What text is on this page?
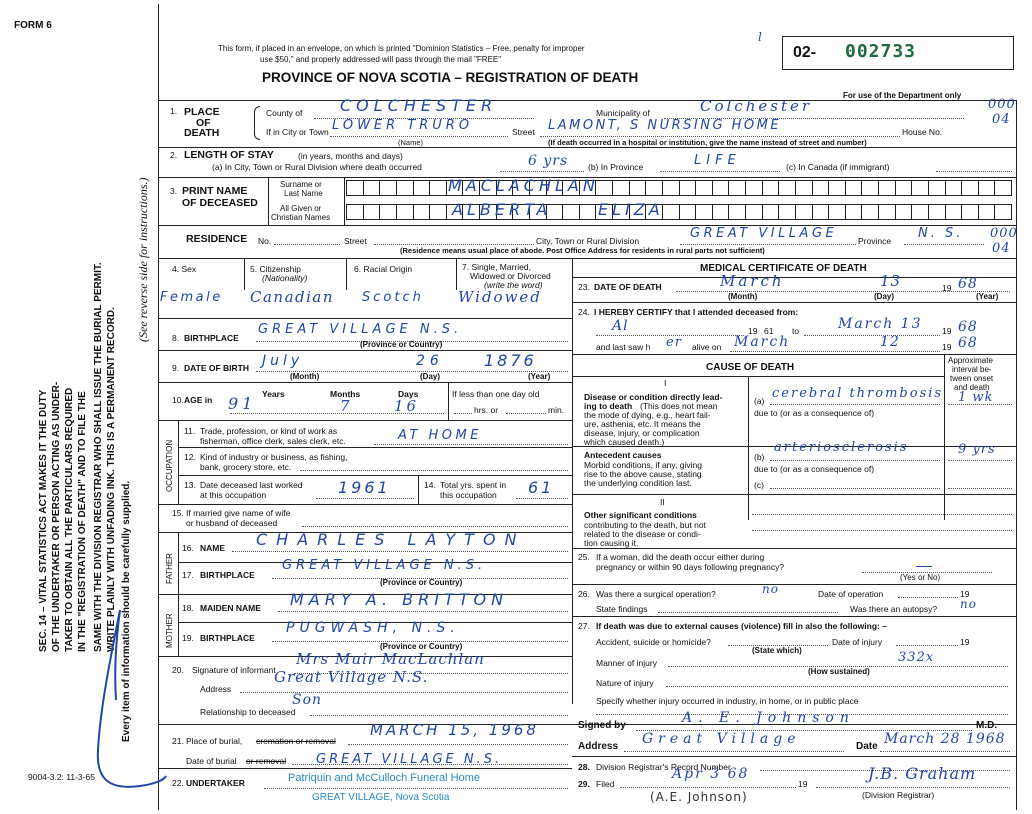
FORM 6
This form, if placed in an envelope, on which is printed "Dominion Statistics – Free, penalty for improper
use $50," and properly addressed will pass through the mail "FREE"
PROVINCE OF NOVA SCOTIA – REGISTRATION OF DEATH
l
02- 002733
For use of the Department only
1. PLACE
OF
DEATH
County of COLCHESTER	Municipality of	Colchester	000
04
If in City or Town LOWER TRURO
(Name)
Street LAMONT, S NURSING HOME	House No.
(If death occurred in a hospital or institution, give the name instead of street and number)
2. LENGTH OF STAY	(in years, months and days)
(a) In City, Town or Rural Division where death occurred	6 yrs (b) In Province	LIFE	(c) In Canada (if immigrant)
3. PRINT NAME
OF DECEASED
Surname or
Last Name
All Given or
Christian Names
MACLACHLAN
ALBERTA	ELIZA
RESIDENCE No.	Street	City, Town or Rural Division	GREAT VILLAGE Province N. S. 000
04
(Residence means usual place of abode. Post Office Address for residents in rural parts not sufficient)
4. Sex	5. Citizenship
(Nationality)
6. Racial Origin	7. Single, Married,
Widowed or Divorced
(write the word)
Female Canadian Scotch Widowed
8. BIRTHPLACE
GREAT VILLAGE N.S.
(Province or Country)
9. DATE OF BIRTH July	26	1876
(Month)	(Day)	(Year)
10. AGE in
Years	Months	Days
91	7	16
If less than one day old
hrs. or	min.
OCCUPATION
11. Trade, profession, or kind of work as
fisherman, office clerk, sales clerk, etc.	AT HOME
12. Kind of industry or business, as fishing,
bank, grocery store, etc.
13. Date deceased last worked
at this occupation	1961	14. Total yrs. spent in
this occupation 61
15. If married give name of wife
or husband of deceased
FATHER
16. NAME CHARLES LAYTON
17. BIRTHPLACE
GREAT VILLAGE N.S.
(Province or Country)
MOTHER
18. MAIDEN NAME MARY A. BRITTON
19. BIRTHPLACE
PUGWASH, N.S.
(Province or Country)
20. Signature of informant
Mrs Muir MacLachlan
Address
Great Village N.S.
Relationship to deceased
Son
21. Place of burial, cremation or removal
MARCH 15, 1968
Date of burial or removal GREAT VILLAGE N.S.
22. UNDERTAKER	Patriquin and McCulloch Funeral Home
GREAT VILLAGE, Nova Scotia
9004-3.2: 11-3-65
SEC. 14 – VITAL STATISTICS ACT MAKES IT THE DUTY OF THE UNDERTAKER OR PERSON ACTING AS UNDER- TAKER TO OBTAIN ALL THE PARTICULARS REQUIRED IN THE "REGISTRATION OF DEATH" AND TO FILE THE SAME WITH THE DIVISION REGISTRAR WHO SHALL ISSUE THE BURIAL PERMIT. WRITE PLAINLY WITH UNFADING INK. THIS IS A PERMANENT RECORD. Every item of information should be carefully supplied.
(See reverse side for instructions.)	MEDICAL CERTIFICATE OF DEATH
23. DATE OF DEATH	March	13	19 68
(Month)	(Day)	(Year)
24. I HEREBY CERTIFY that I attended deceased from:
Al	19 61 to	March 13 19 68
and last saw h er alive on March	12	19 68
CAUSE OF DEATH
Approximate
interval be-
tween onset
and death
I
Disease or condition directly lead-
ing to death (This does not mean
the mode of dying, e.g., heart fail-
ure, asthenia, etc. It means the
disease, injury, or complication
which caused death.)
(a) cerebral thrombosis 1 wk
due to (or as a consequence of)
Antecedent causes
Morbid conditions, if any, giving
rise to the above cause, stating
the underlying condition last.
(b)
arteriosclerosis	9 yrs
due to (or as a consequence of)
(c)
II
Other significant conditions
contributing to the death, but not
related to the disease or condi-
tion causing it.
25. If a woman, did the death occur either during
pregnancy or within 90 days following pregnancy?
(Yes or No)
26. Was there a surgical operation?	no	Date of operation	19
State findings	Was there an autopsy? no
27. If death was due to external causes (violence) fill in also the following: –
Accident, suicide or homicide?
(State which)
Date of injury	19
Manner of injury	332x
(How sustained)
Nature of injury
Specify whether injury occurred in industry, in home, or in public place
Signed by	A. E. Johnson	M.D.
Address Great Village	Date March 28 1968
28. Division Registrar's Record Number
29. Filed
Apr 3 68
19
J.B. Graham
(Division Registrar)
(A.E. Johnson)
